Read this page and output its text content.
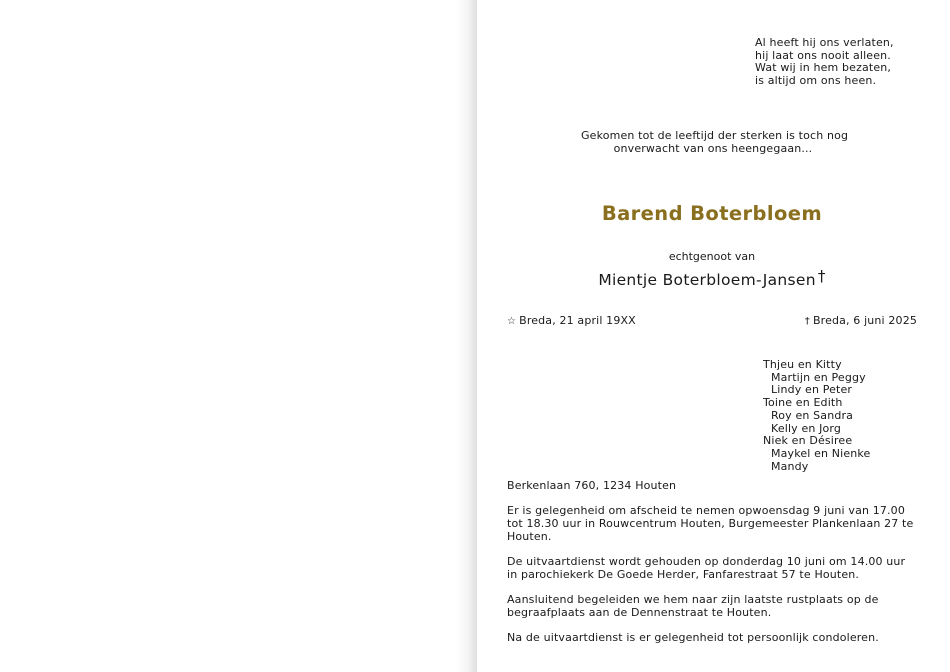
Al heeft hij ons verlaten,
hij laat ons nooit alleen.
Wat wij in hem bezaten,
is altijd om ons heen.
Gekomen tot de leeftijd der sterken is toch nog
onverwacht van ons heengegaan...
Barend Boterbloem
echtgenoot van
Mientje Boterbloem-Jansen †
☆ Breda, 21 april 19XX	† Breda, 6 juni 2025
Thjeu en Kitty
Martijn en Peggy
Lindy en Peter
Toine en Edith
Roy en Sandra
Kelly en Jorg
Niek en Désiree
Maykel en Nienke
Mandy

Berkenlaan 760, 1234 Houten

Er is gelegenheid om afscheid te nemen opwoensdag 9 juni van 17.00 tot 18.30 uur in Rouwcentrum Houten, Burgemeester Plankenlaan 27 te Houten.

De uitvaartdienst wordt gehouden op donderdag 10 juni om 14.00 uur in parochiekerk De Goede Herder, Fanfarestraat 57 te Houten.

Aansluitend begeleiden we hem naar zijn laatste rustplaats op de begraafplaats aan de Dennenstraat te Houten.

Na de uitvaartdienst is er gelegenheid tot persoonlijk condoleren.
